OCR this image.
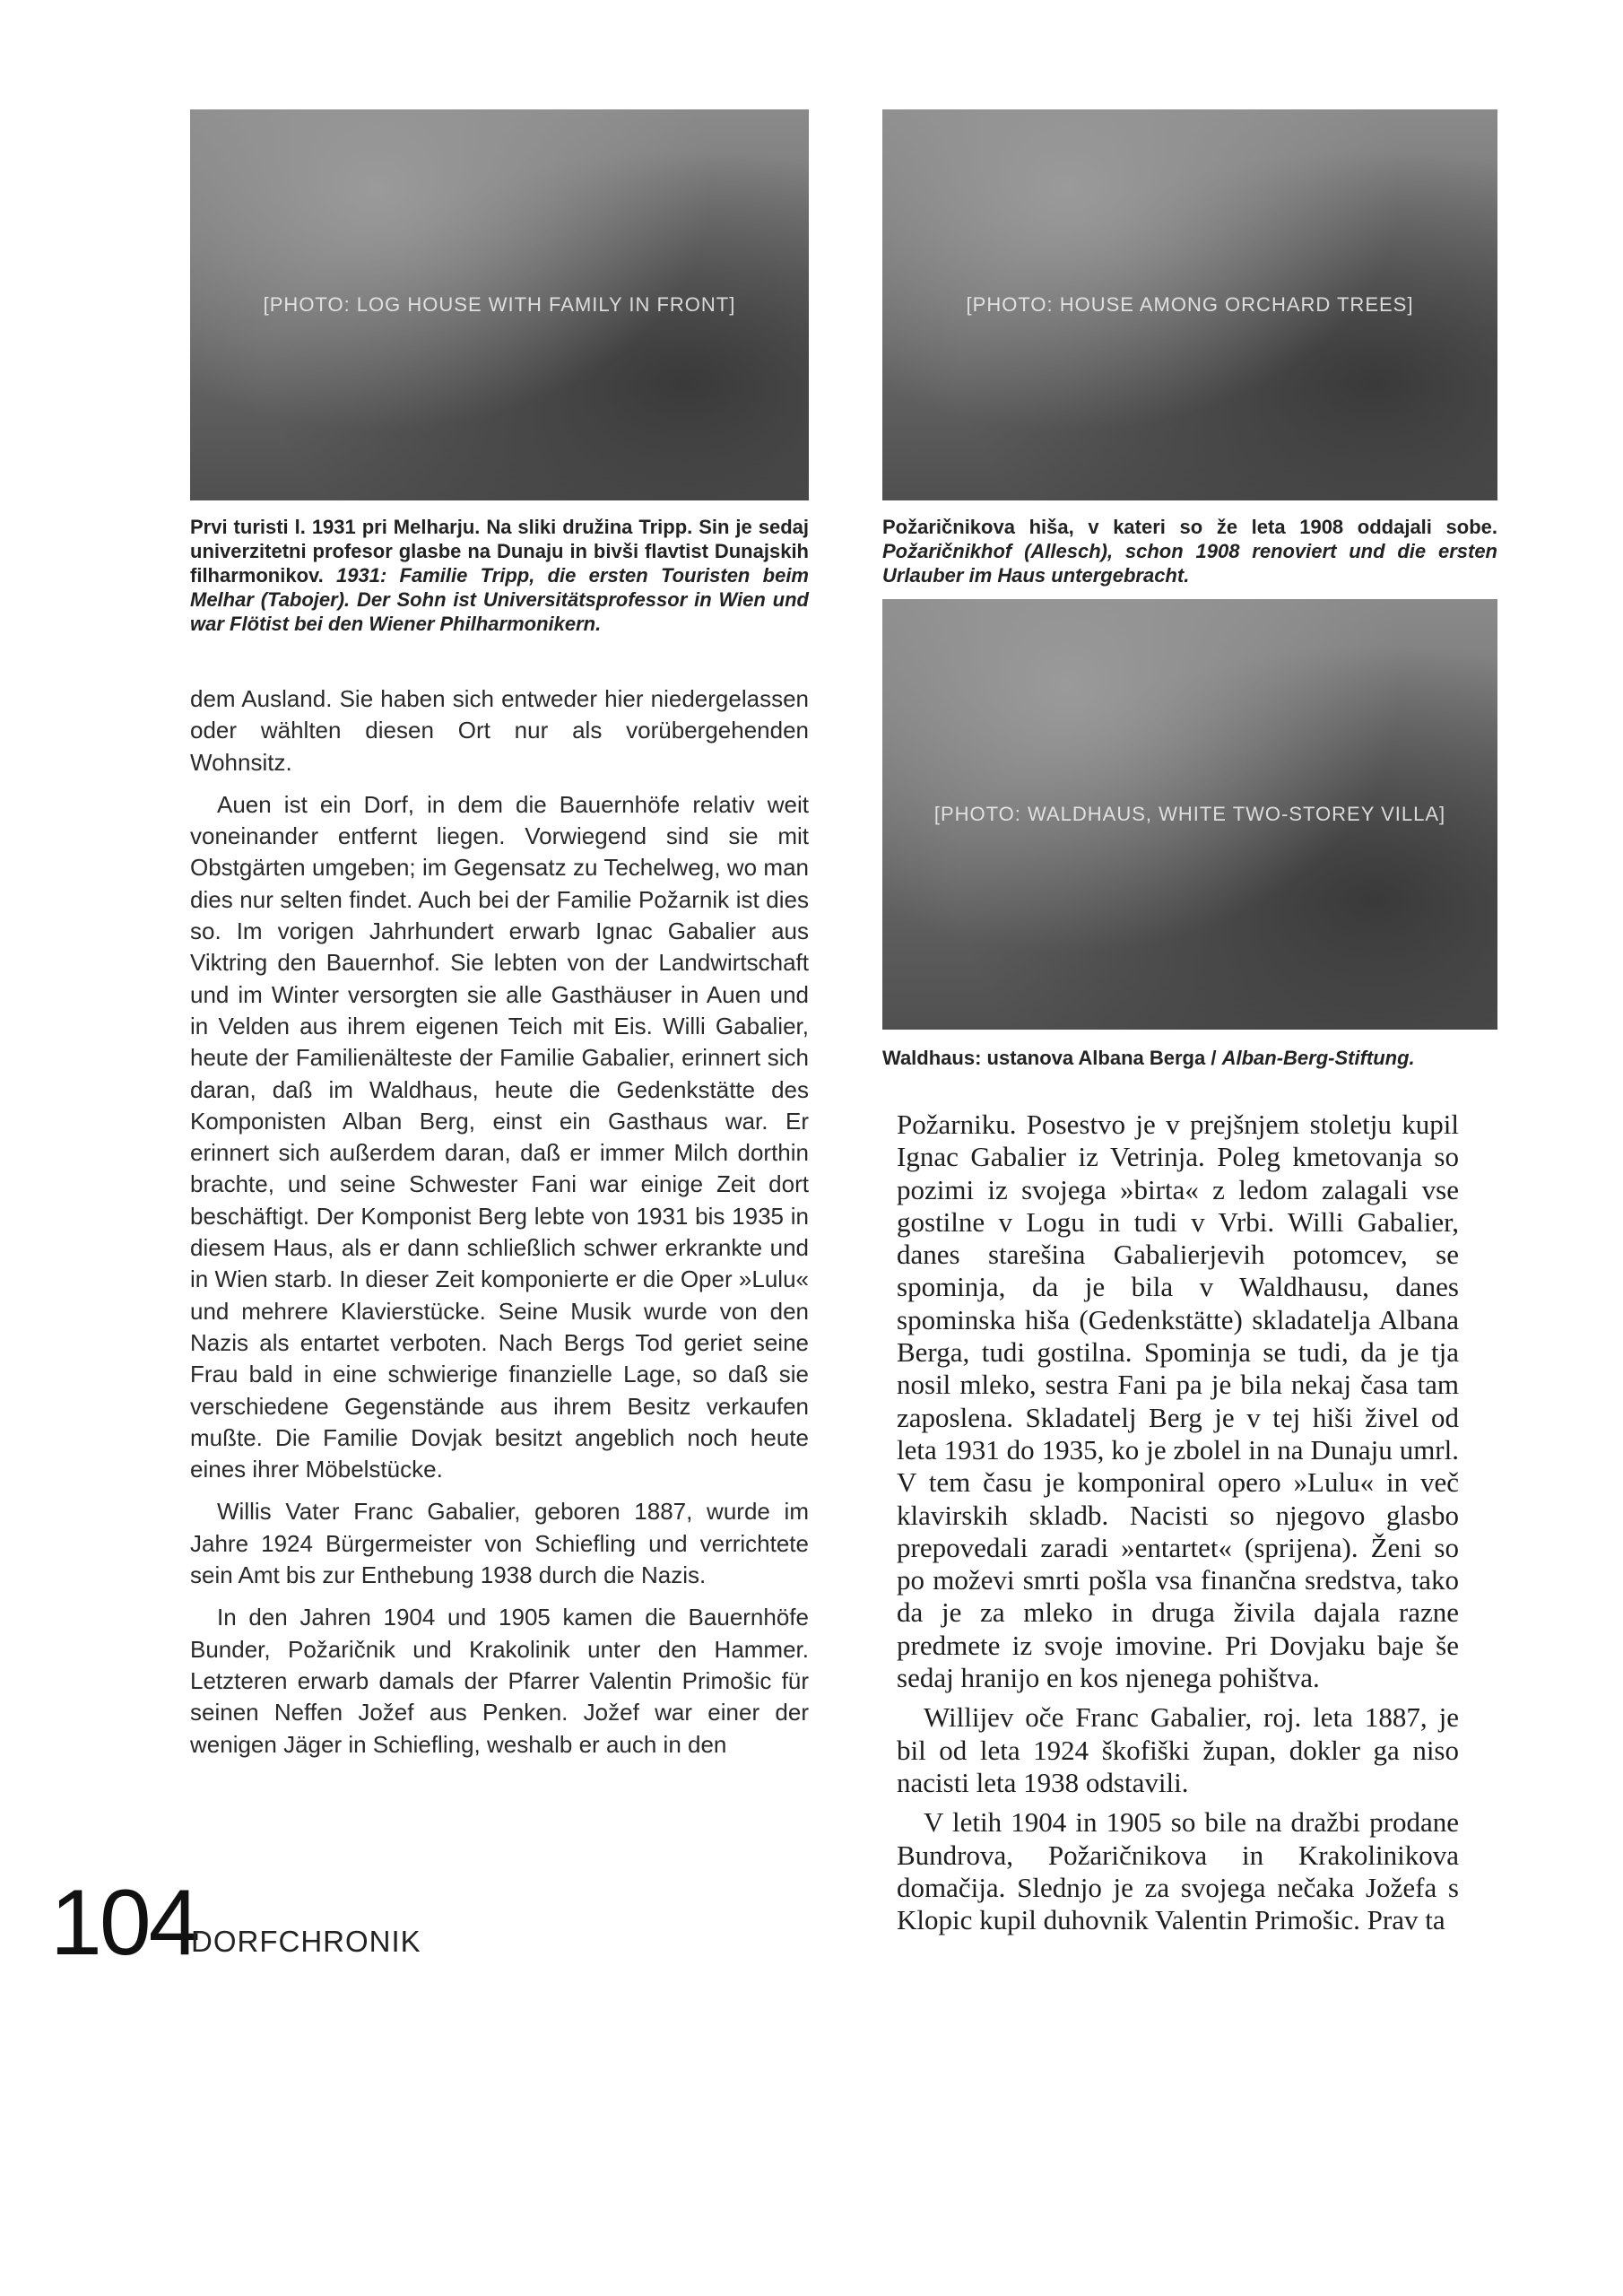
[PHOTO: LOG HOUSE WITH FAMILY IN FRONT]

Prvi turisti l. 1931 pri Melharju. Na sliki družina Tripp. Sin je sedaj univerzitetni profesor glasbe na Dunaju in bivši flavtist Dunajskih filharmonikov. 1931: Familie Tripp, die ersten Touristen beim Melhar (Tabojer). Der Sohn ist Universitätsprofessor in Wien und war Flötist bei den Wiener Philharmonikern.

[PHOTO: HOUSE AMONG ORCHARD TREES]

Požaričnikova hiša, v kateri so že leta 1908 oddajali sobe. Požaričnikhof (Allesch), schon 1908 renoviert und die ersten Urlauber im Haus untergebracht.

[PHOTO: WALDHAUS, WHITE TWO-STOREY VILLA]

Waldhaus: ustanova Albana Berga / Alban-Berg-Stiftung.

dem Ausland. Sie haben sich entweder hier niedergelassen oder wählten diesen Ort nur als vorübergehenden Wohnsitz.

Auen ist ein Dorf, in dem die Bauernhöfe relativ weit voneinander entfernt liegen. Vorwiegend sind sie mit Obstgärten umgeben; im Gegensatz zu Techelweg, wo man dies nur selten findet. Auch bei der Familie Požarnik ist dies so. Im vorigen Jahrhundert erwarb Ignac Gabalier aus Viktring den Bauernhof. Sie lebten von der Landwirtschaft und im Winter versorgten sie alle Gasthäuser in Auen und in Velden aus ihrem eigenen Teich mit Eis. Willi Gabalier, heute der Familienälteste der Familie Gabalier, erinnert sich daran, daß im Waldhaus, heute die Gedenkstätte des Komponisten Alban Berg, einst ein Gasthaus war. Er erinnert sich außerdem daran, daß er immer Milch dorthin brachte, und seine Schwester Fani war einige Zeit dort beschäftigt. Der Komponist Berg lebte von 1931 bis 1935 in diesem Haus, als er dann schließlich schwer erkrankte und in Wien starb. In dieser Zeit komponierte er die Oper »Lulu« und mehrere Klavierstücke. Seine Musik wurde von den Nazis als entartet verboten. Nach Bergs Tod geriet seine Frau bald in eine schwierige finanzielle Lage, so daß sie verschiedene Gegenstände aus ihrem Besitz verkaufen mußte. Die Familie Dovjak besitzt angeblich noch heute eines ihrer Möbelstücke.

Willis Vater Franc Gabalier, geboren 1887, wurde im Jahre 1924 Bürgermeister von Schiefling und verrichtete sein Amt bis zur Enthebung 1938 durch die Nazis.

In den Jahren 1904 und 1905 kamen die Bauernhöfe Bunder, Požaričnik und Krakolinik unter den Hammer. Letzteren erwarb damals der Pfarrer Valentin Primošic für seinen Neffen Jožef aus Penken. Jožef war einer der wenigen Jäger in Schiefling, weshalb er auch in den

Požarniku. Posestvo je v prejšnjem stoletju kupil Ignac Gabalier iz Vetrinja. Poleg kmetovanja so pozimi iz svojega »birta« z ledom zalagali vse gostilne v Logu in tudi v Vrbi. Willi Gabalier, danes starešina Gabalierjevih potomcev, se spominja, da je bila v Waldhausu, danes spominska hiša (Gedenkstätte) skladatelja Albana Berga, tudi gostilna. Spominja se tudi, da je tja nosil mleko, sestra Fani pa je bila nekaj časa tam zaposlena. Skladatelj Berg je v tej hiši živel od leta 1931 do 1935, ko je zbolel in na Dunaju umrl. V tem času je komponiral opero »Lulu« in več klavirskih skladb. Nacisti so njegovo glasbo prepovedali zaradi »entartet« (sprijena). Ženi so po moževi smrti pošla vsa finančna sredstva, tako da je za mleko in druga živila dajala razne predmete iz svoje imovine. Pri Dovjaku baje še sedaj hranijo en kos njenega pohištva.

Willijev oče Franc Gabalier, roj. leta 1887, je bil od leta 1924 škofiški župan, dokler ga niso nacisti leta 1938 odstavili.

V letih 1904 in 1905 so bile na dražbi prodane Bundrova, Požaričnikova in Krakolinikova domačija. Slednjo je za svojega nečaka Jožefa s Klopic kupil duhovnik Valentin Primošic. Prav ta

104
DORFCHRONIK
